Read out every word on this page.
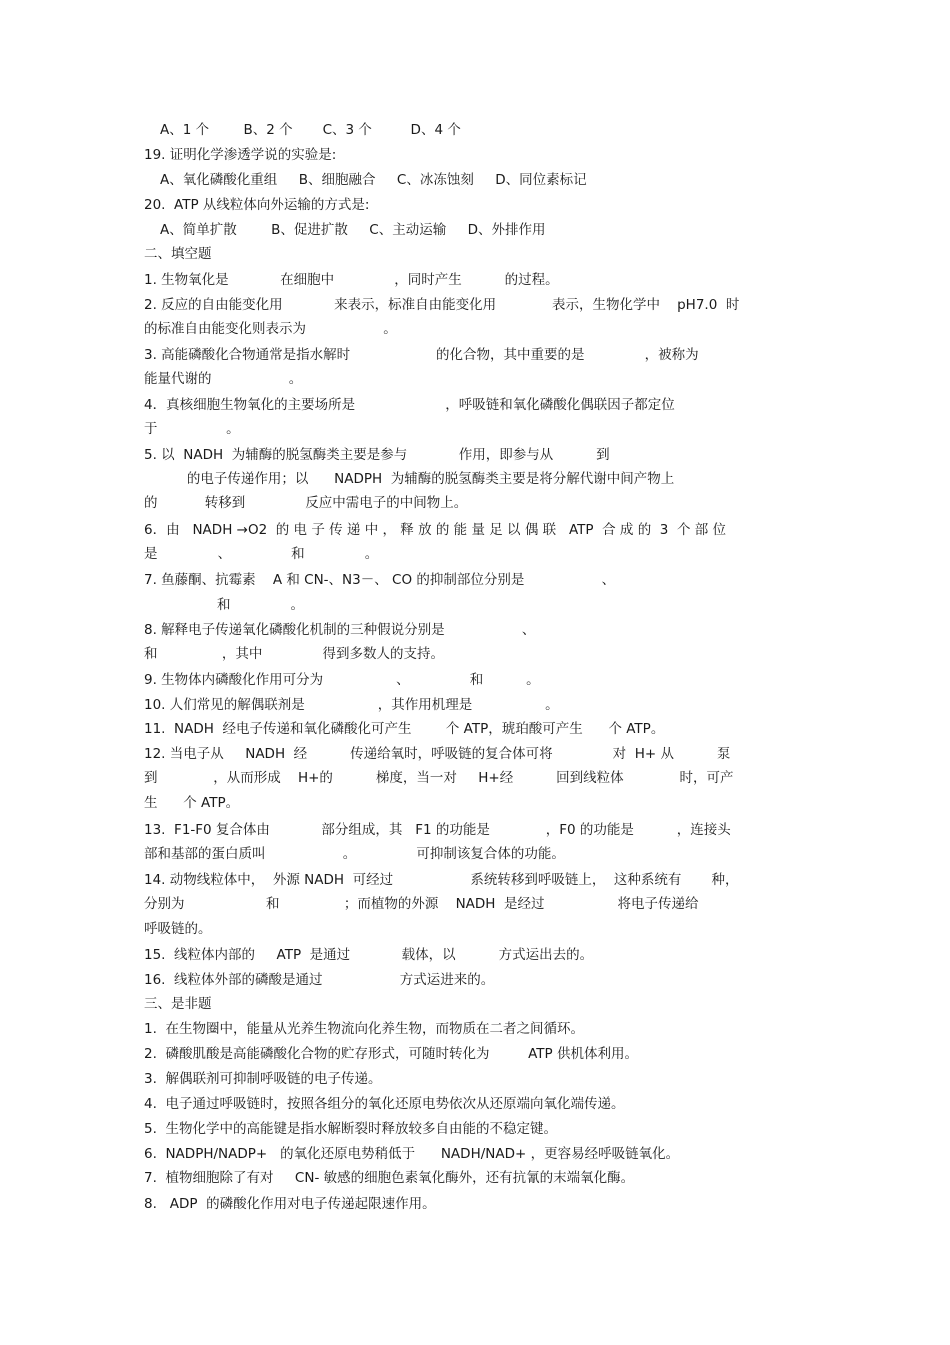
A、1 个        B、2 个       C、3 个         D、4 个
19. 证明化学渗透学说的实验是:
A、氧化磷酸化重组     B、细胞融合     C、冰冻蚀刻     D、同位素标记
20.  ATP 从线粒体向外运输的方式是:
A、简单扩散        B、促进扩散     C、主动运输     D、外排作用
二、填空题
1. 生物氧化是            在细胞中              ，同时产生          的过程。
2. 反应的自由能变化用            来表示，标准自由能变化用             表示，生物化学中    pH7.0  时
的标准自由能变化则表示为                  。
3. 高能磷酸化合物通常是指水解时                    的化合物，其中重要的是              ，被称为
能量代谢的                  。
4．真核细胞生物氧化的主要场所是                     ，呼吸链和氧化磷酸化偶联因子都定位
于                。
5. 以  NADH  为辅酶的脱氢酶类主要是参与            作用，即参与从          到
的电子传递作用；以      NADPH  为辅酶的脱氢酶类主要是将分解代谢中间产物上
的           转移到              反应中需电子的中间物上。
6．由   NADH →O2  的 电 子 传 递 中 ， 释 放 的 能 量 足 以 偶 联   ATP  合 成 的  3  个 部 位
是              、              和              。
7. 鱼藤酮、抗霉素    A 和 CN-、N3－、 CO 的抑制部位分别是                  、
和              。
8. 解释电子传递氧化磷酸化机制的三种假说分别是                  、
和               ，其中              得到多数人的支持。
9. 生物体内磷酸化作用可分为                 、              和          。
10. 人们常见的解偶联剂是                 ，其作用机理是                 。
11.  NADH  经电子传递和氧化磷酸化可产生        个 ATP，琥珀酸可产生      个 ATP。
12. 当电子从     NADH  经          传递给氧时，呼吸链的复合体可将              对  H+ 从          泵
到             ，从而形成    H+的          梯度，当一对     H+经          回到线粒体             时，可产
生      个 ATP。
13.  F1-F0 复合体由            部分组成，其   F1 的功能是             ，F0 的功能是          ，连接头
部和基部的蛋白质叫                  。              可抑制该复合体的功能。
14. 动物线粒体中，  外源 NADH  可经过                  系统转移到呼吸链上，  这种系统有       种，
分别为                   和               ；而植物的外源    NADH  是经过                 将电子传递给
呼吸链的。
15.  线粒体内部的     ATP  是通过            载体，以          方式运出去的。
16.  线粒体外部的磷酸是通过                  方式运进来的。
三、是非题
1.  在生物圈中，能量从光养生物流向化养生物，而物质在二者之间循环。
2.  磷酸肌酸是高能磷酸化合物的贮存形式，可随时转化为         ATP 供机体利用。
3.  解偶联剂可抑制呼吸链的电子传递。
4.  电子通过呼吸链时，按照各组分的氧化还原电势依次从还原端向氧化端传递。
5.  生物化学中的高能键是指水解断裂时释放较多自由能的不稳定键。
6.  NADPH/NADP+   的氧化还原电势稍低于      NADH/NAD+ ，更容易经呼吸链氧化。
7.  植物细胞除了有对     CN- 敏感的细胞色素氧化酶外，还有抗氰的末端氧化酶。
8.   ADP  的磷酸化作用对电子传递起限速作用。
